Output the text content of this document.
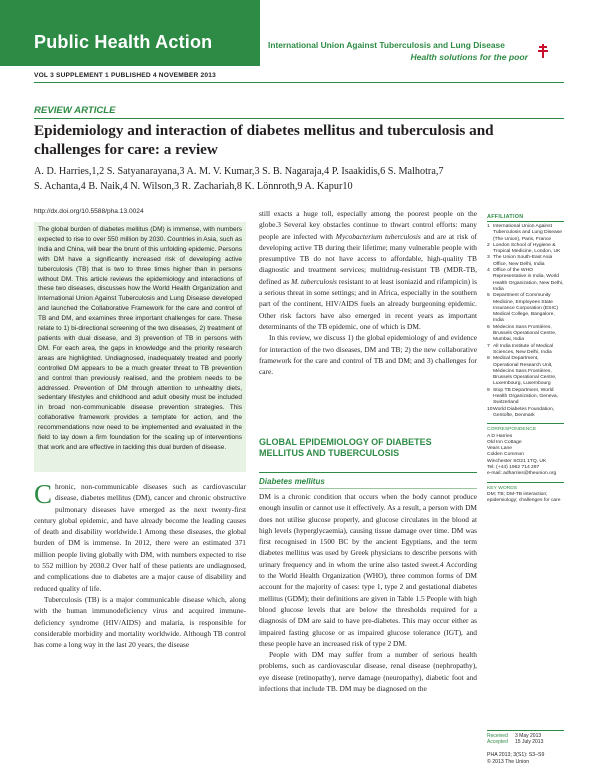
Public Health Action	International Union Against Tuberculosis and Lung Disease
Health solutions for the poor
VOL 3 SUPPLEMENT 1 PUBLISHED 4 NOVEMBER 2013
REVIEW ARTICLE
Epidemiology and interaction of diabetes mellitus and tuberculosis and challenges for care: a review
A. D. Harries,1,2 S. Satyanarayana,3 A. M. V. Kumar,3 S. B. Nagaraja,4 P. Isaakidis,6 S. Malhotra,7
S. Achanta,4 B. Naik,4 N. Wilson,3 R. Zachariah,8 K. Lönnroth,9 A. Kapur10
http://dx.doi.org/10.5588/pha.13.0024
The global burden of diabetes mellitus (DM) is immense, with numbers expected to rise to over 550 million by 2030. Countries in Asia, such as India and China, will bear the brunt of this unfolding epidemic. Persons with DM have a significantly increased risk of developing active tuberculosis (TB) that is two to three times higher than in persons without DM. This article reviews the epidemiology and interactions of these two diseases, discusses how the World Health Organization and International Union Against Tuberculosis and Lung Disease developed and launched the Collaborative Framework for the care and control of TB and DM, and examines three important challenges for care. These relate to 1) bi-directional screening of the two diseases, 2) treatment of patients with dual disease, and 3) prevention of TB in persons with DM. For each area, the gaps in knowledge and the priority research areas are highlighted. Undiagnosed, inadequately treated and poorly controlled DM appears to be a much greater threat to TB prevention and control than previously realised, and the problem needs to be addressed. Prevention of DM through attention to unhealthy diets, sedentary lifestyles and childhood and adult obesity must be included in broad non-communicable disease prevention strategies. This collaborative framework provides a template for action, and the recommendations now need to be implemented and evaluated in the field to lay down a firm foundation for the scaling up of interventions that work and are effective in tackling this dual burden of disease.

Chronic, non-communicable diseases such as cardiovascular disease, diabetes mellitus (DM), cancer and chronic obstructive pulmonary diseases have emerged as the next twenty-first century global epidemic, and have already become the leading causes of death and disability worldwide.1 Among these diseases, the global burden of DM is immense. In 2012, there were an estimated 371 million people living globally with DM, with numbers expected to rise to 552 million by 2030.2 Over half of these patients are undiagnosed, and complications due to diabetes are a major cause of disability and reduced quality of life.

Tuberculosis (TB) is a major communicable disease which, along with the human immunodeficiency virus and acquired immune-deficiency syndrome (HIV/AIDS) and malaria, is responsible for considerable morbidity and mortality worldwide. Although TB control has come a long way in the last 20 years, the disease

still exacts a huge toll, especially among the poorest people on the globe.3 Several key obstacles continue to thwart control efforts: many people are infected with Mycobacterium tuberculosis and are at risk of developing active TB during their lifetime; many vulnerable people with presumptive TB do not have access to affordable, high-quality TB diagnostic and treatment services; multidrug-resistant TB (MDR-TB, defined as M. tuberculosis resistant to at least isoniazid and rifampicin) is a serious threat in some settings; and in Africa, especially in the southern part of the continent, HIV/AIDS fuels an already burgeoning epidemic. Other risk factors have also emerged in recent years as important determinants of the TB epidemic, one of which is DM.

In this review, we discuss 1) the global epidemiology of and evidence for interaction of the two diseases, DM and TB; 2) the new collaborative framework for the care and control of TB and DM; and 3) challenges for care.

GLOBAL EPIDEMIOLOGY OF DIABETES MELLITUS AND TUBERCULOSIS
Diabetes mellitus

DM is a chronic condition that occurs when the body cannot produce enough insulin or cannot use it effectively. As a result, a person with DM does not utilise glucose properly, and glucose circulates in the blood at high levels (hyperglycaemia), causing tissue damage over time. DM was first recognised in 1500 BC by the ancient Egyptians, and the term diabetes mellitus was used by Greek physicians to describe persons with urinary frequency and in whom the urine also tasted sweet.4 According to the World Health Organization (WHO), three common forms of DM account for the majority of cases: type 1, type 2 and gestational diabetes mellitus (GDM); their definitions are given in Table 1.5 People with high blood glucose levels that are below the thresholds required for a diagnosis of DM are said to have pre-diabetes. This may occur either as impaired fasting glucose or as impaired glucose tolerance (IGT), and these people have an increased risk of type 2 DM.

People with DM may suffer from a number of serious health problems, such as cardiovascular disease, renal disease (nephropathy), eye disease (retinopathy), nerve damage (neuropathy), diabetic foot and infections that include TB. DM may be diagnosed on the

AFFILIATION
1 International Union Against Tuberculosis and Lung Disease (The Union), Paris, France
2 London School of Hygiene & Tropical Medicine, London, UK
3 The Union South-East Asia Office, New Delhi, India
4 Office of the WHO Representative in India, World Health Organization, New Delhi, India
5 Department of Community Medicine, Employees State Insurance Corporation (ESIC) Medical College, Bangalore, India
6 Médecins Sans Frontières, Brussels Operational Centre, Mumbai, India
7 All India Institute of Medical Sciences, New Delhi, India
8 Medical Department, Operational Research Unit, Médecins Sans Frontières, Brussels Operational Centre, Luxembourg, Luxembourg
9 Stop TB Department, World Health Organization, Geneva, Switzerland
10 World Diabetes Foundation, Gentofte, Denmark
CORRESPONDENCE
A D Harries
Old Inn Cottage
Vears Lane
Colden Common
Winchester SO21 1TQ, UK
Tel: (+44) 1962 714 297
e-mail: adharries@theunion.org
KEY WORDS
DM; TB; DM-TB interaction; epidemiology; challenges for care
Received 3 May 2013
Accepted 15 July 2013
PHA 2013; 3(S1): S3–S9
© 2013 The Union
